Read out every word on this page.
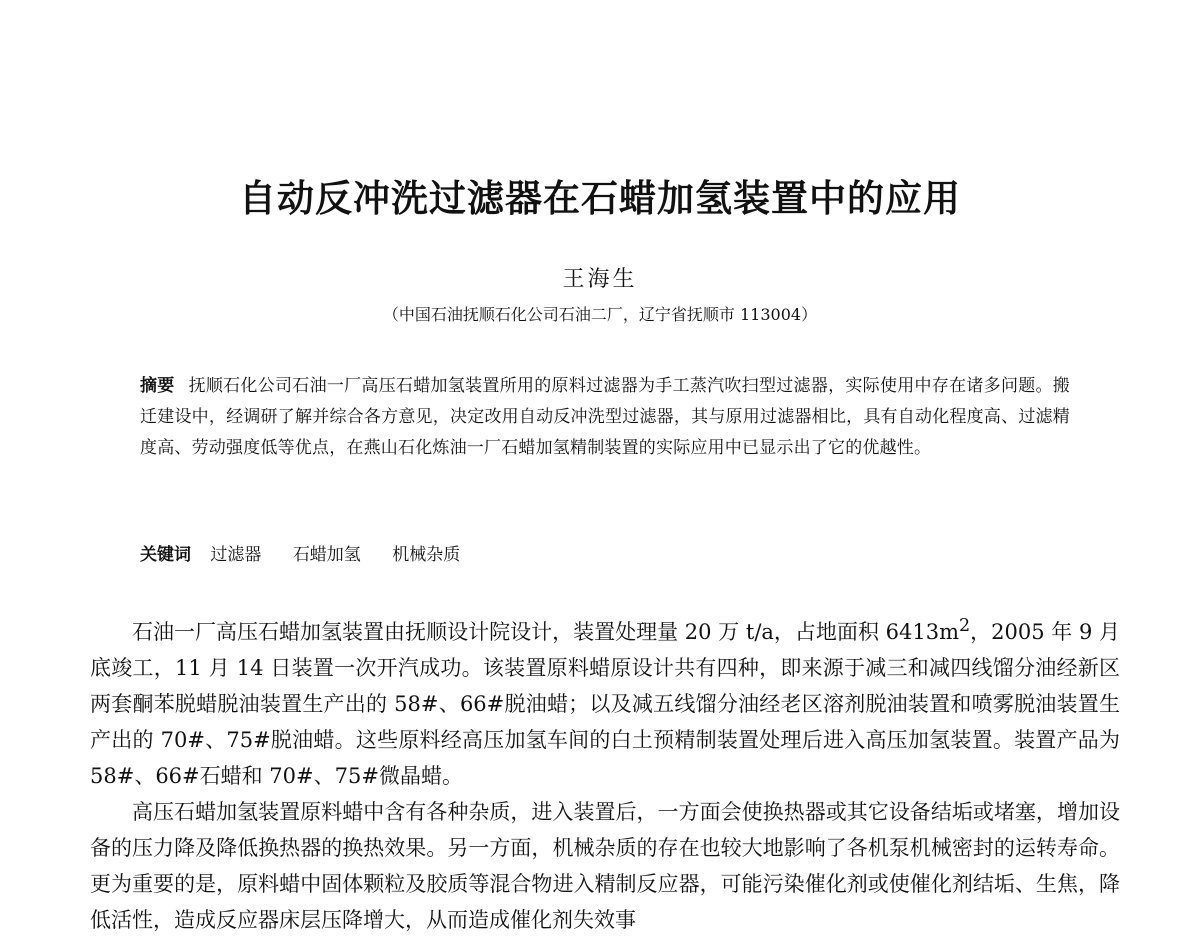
自动反冲洗过滤器在石蜡加氢装置中的应用
王海生
（中国石油抚顺石化公司石油二厂，辽宁省抚顺市 113004）

摘要 抚顺石化公司石油一厂高压石蜡加氢装置所用的原料过滤器为手工蒸汽吹扫型过滤器，实际使用中存在诸多问题。搬迁建设中，经调研了解并综合各方意见，决定改用自动反冲洗型过滤器，其与原用过滤器相比，具有自动化程度高、过滤精度高、劳动强度低等优点，在燕山石化炼油一厂石蜡加氢精制装置的实际应用中已显示出了它的优越性。

关键词 过滤器 石蜡加氢 机械杂质

石油一厂高压石蜡加氢装置由抚顺设计院设计，装置处理量 20 万 t/a，占地面积 $6413m^2$，2005 年 9 月底竣工，11 月 14 日装置一次开汽成功。该装置原料蜡原设计共有四种，即来源于减三和减四线馏分油经新区两套酮苯脱蜡脱油装置生产出的 58#、66#脱油蜡；以及减五线馏分油经老区溶剂脱油装置和喷雾脱油装置生产出的 70#、75#脱油蜡。这些原料经高压加氢车间的白土预精制装置处理后进入高压加氢装置。装置产品为 58#、66#石蜡和 70#、75#微晶蜡。

高压石蜡加氢装置原料蜡中含有各种杂质，进入装置后，一方面会使换热器或其它设备结垢或堵塞，增加设备的压力降及降低换热器的换热效果。另一方面，机械杂质的存在也较大地影响了各机泵机械密封的运转寿命。更为重要的是，原料蜡中固体颗粒及胶质等混合物进入精制反应器，可能污染催化剂或使催化剂结垢、生焦，降低活性，造成反应器床层压降增大，从而造成催化剂失效事
